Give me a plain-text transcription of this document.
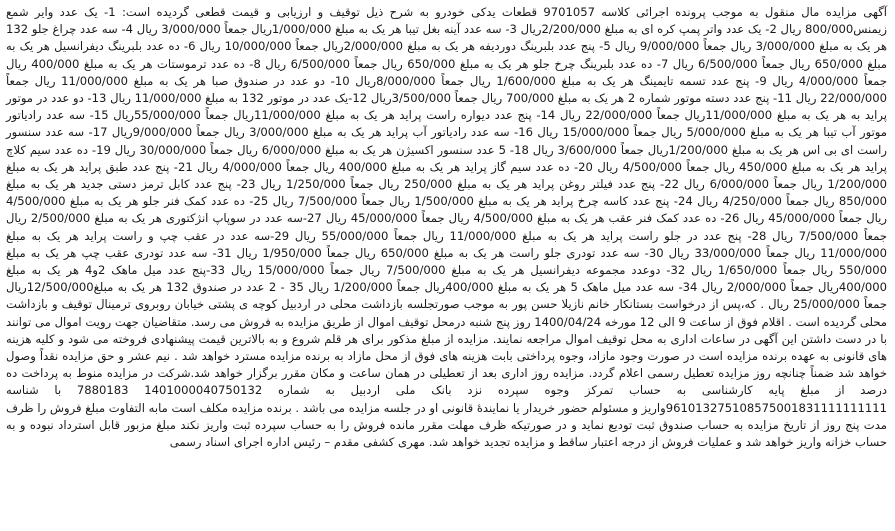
آگهی مزایده مال منقول به موجب پرونده اجرائی کلاسه 9701057 قطعات یدکی خودرو به شرح ذیل توقیف و ارزیابی و قیمت قطعی گردیده است: 1- یک عدد وایر شمع زیمنس800/000 ریال 2- یک عدد واتر پمپ کره ای به مبلغ 2/200/000ریال 3- سه عدد آینه بغل تیبا هر یک به مبلغ 1/000/000ریال جمعاً 3/000/000 ریال 4- سه عدد چراغ جلو 132 هر یک به مبلغ 3/000/000 ریال جمعاً 9/000/000 ریال 5- پنج عدد بلبرینگ دوردیفه هر یک به مبلغ 2/000/000ریال جمعاً 10/000/000 ریال 6- ده عدد بلبرینگ دیفرانسیل هر یک به مبلغ 650/000 ریال جمعاً 6/500/000 ریال 7- ده عدد بلبرینگ چرخ جلو هر یک به مبلغ 650/000 ریال جمعاً 6/500/000 ریال 8- ده عدد ترموستات هر یک به مبلغ 400/000 ریال جمعاً 4/000/000 ریال 9- پنج عدد تسمه تایمینگ هر یک به مبلغ 1/600/000 ریال جمعاً 8/000/000ریال 10- دو عدد در صندوق صبا هر یک به مبلغ 11/000/000 ریال جمعاً 22/000/000 ریال 11- پنج عدد دسته موتور شماره 2 هر یک به مبلغ 700/000 ریال جمعاً 3/500/000ریال 12-یک عدد در موتور 132 به مبلغ 11/000/000 ریال 13- دو عدد در موتور پراید به هر یک به مبلغ 11/000/000ریال جمعاً 22/000/000 ریال 14- پنج عدد دیواره راست پراید هر یک به مبلغ 11/000/000ریال جمعاً 55/000/000ریال 15- سه عدد رادیاتور موتور آب تیبا هر یک به مبلغ 5/000/000 ریال جمعاً 15/000/000 ریال 16- سه عدد رادیاتور آب پراید هر یک به مبلغ 3/000/000 ریال جمعاً 9/000/000ریال 17- سه عدد سنسور راست ای بی اس هر یک به مبلغ 1/200/000ریال جمعاً 3/600/000 ریال 18- 5 عدد سنسور اکسیژن هر یک به مبلغ 6/000/000 ریال جمعاً 30/000/000 ریال 19- ده عدد سیم کلاچ پراید هر یک به مبلغ 450/000 ریال جمعاً 4/500/000 ریال 20- ده عدد سیم گاز پراید هر یک به مبلغ 400/000 ریال جمعاً 4/000/000 ریال 21- پنج عدد طبق پراید هر یک به مبلغ 1/200/000 ریال جمعاً 6/000/000 ریال 22- پنج عدد فیلتر روغن پراید هر یک به مبلغ 250/000 ریال جمعاً 1/250/000 ریال 23- پنج عدد کابل ترمز دستی جدید هر یک به مبلغ 850/000 ریال جمعاً 4/250/000 ریال 24- پنج عدد کاسه چرخ پراید هر یک به مبلغ 1/500/000 ریال جمعاً 7/500/000 ریال 25- ده عدد کمک فنر جلو هر یک به مبلغ 4/500/000 ریال جمعاً 45/000/000 ریال 26- ده عدد کمک فنر عقب هر یک به مبلغ 4/500/000 ریال جمعاً 45/000/000 ریال 27-سه عدد در سوپاپ انژکتوری هر یک به مبلغ 2/500/000 ریال جمعاً 7/500/000 ریال 28- پنج عدد در جلو راست پراید هر یک به مبلغ 11/000/000 ریال جمعاً 55/000/000 ریال 29-سه عدد در عقب چپ و راست پراید هر یک به مبلغ 11/000/000 ریال جمعاً 33/000/000 ریال 30- سه عدد تودری جلو راست هر یک به مبلغ 650/000 ریال جمعاً 1/950/000 ریال 31- سه عدد تودری عقب چپ هر یک به مبلغ 550/000 ریال جمعاً 1/650/000 ریال 32- دوعدد مجموعه دیفرانسیل هر یک به مبلغ 7/500/000 ریال جمعاً 15/000/000 ریال 33-پنج عدد میل ماهک 2و4 هر یک به مبلغ 400/000ریال جمعاً 2/000/000 ریال 34- سه عدد میل ماهک 5 هر یک به مبلغ 400/000ریال جمعاً 1/200/000 ریال 35 - 2 عدد در صندوق 132 هر یک به مبلغ12/500/000ریال جمعاً 25/000/000 ریال . که،پس از درخواست بستانکار خانم نازیلا حسن پور به موجب صورتجلسه بازداشت محلی در اردبیل کوچه ی پشتی خیابان روبروی ترمینال توقیف و بازداشت محلی گردیده است . اقلام فوق از ساعت 9 الی 12 مورخه 1400/04/24 روز پنج شنبه درمحل توقیف اموال از طریق مزایده به فروش می رسد. متقاضیان جهت رویت اموال می توانند با در دست داشتن این آگهی در ساعات اداری به محل توقیف اموال مراجعه نمایند. مزایده از مبلغ مذکور برای هر قلم شروع و به بالاترین قیمت پیشنهادی فروخته می شود و کلیه هزینه های قانونی به عهده برنده مزایده است در صورت وجود مازاد، وجوه پرداختی بابت هزینه های فوق از محل مازاد به برنده مزایده مسترد خواهد شد . نیم عشر و حق مزایده نقداً وصول خواهد شد ضمناً چنانچه روز مزایده تعطیل رسمی اعلام گردد. مزایده روز اداری بعد از تعطیلی در همان ساعت و مکان مقرر برگزار خواهد شد.شرکت در مزایده منوط به پرداخت ده درصد از مبلغ پایه کارشناسی به حساب تمرکز وجوه سپرده نزد بانک ملی اردبیل به شماره 1401000040750132 7880183 با شناسه 961013275108575001831111111111واریز و مسئولم حضور خریدار یا نمایندۀ قانونی او در جلسه مزایده می باشد . برنده مزایده مکلف است مابه التفاوت مبلغ فروش را ظرف مدت پنج روز از تاریخ مزایده به حساب صندوق ثبت تودیع نماید و در صورتیکه ظرف مهلت مقرر مانده فروش را به حساب سپرده ثبت واریز نکند مبلغ مزبور قابل استرداد نبوده و به حساب خزانه واریز خواهد شد و عملیات فروش از درجه اعتبار ساقط و مزایده تجدید خواهد شد. مهری کشفی مقدم – رئیس اداره اجرای اسناد رسمی
